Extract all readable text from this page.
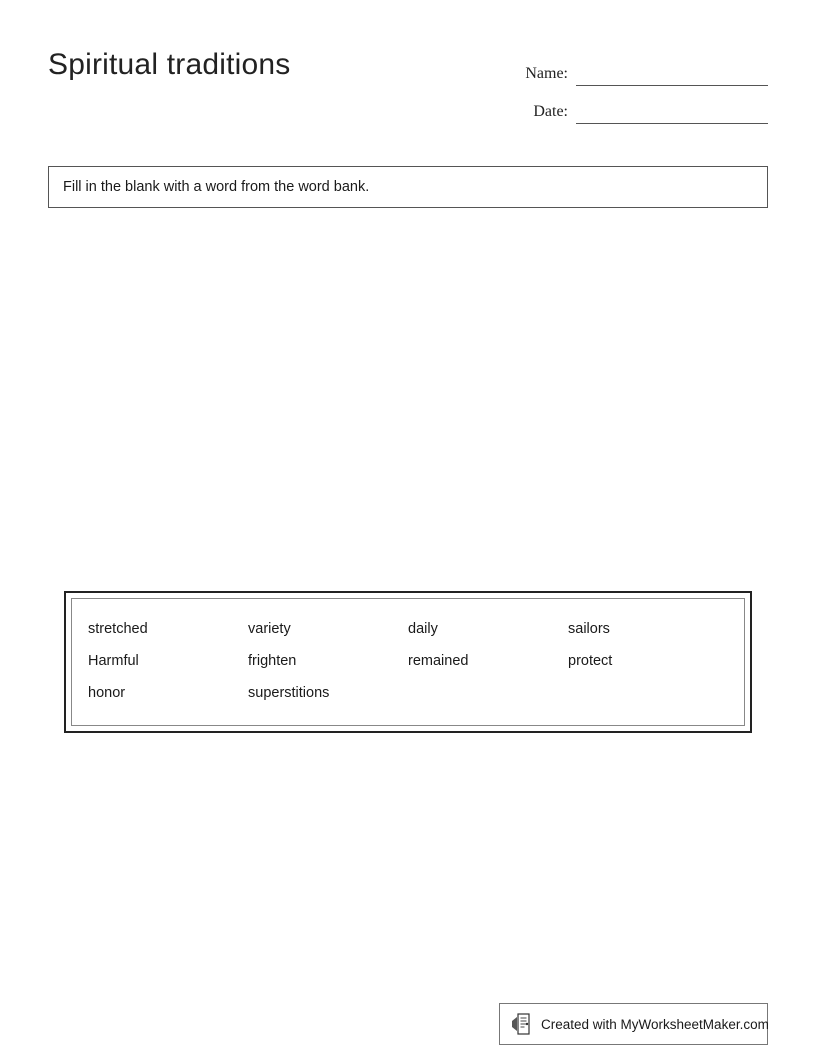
Spiritual traditions	Name:
Date:
Fill in the blank with a word from the word bank.
stretched	variety	daily	sailors
Harmful	frighten	remained	protect
honor	superstitions
Created with MyWorksheetMaker.com
